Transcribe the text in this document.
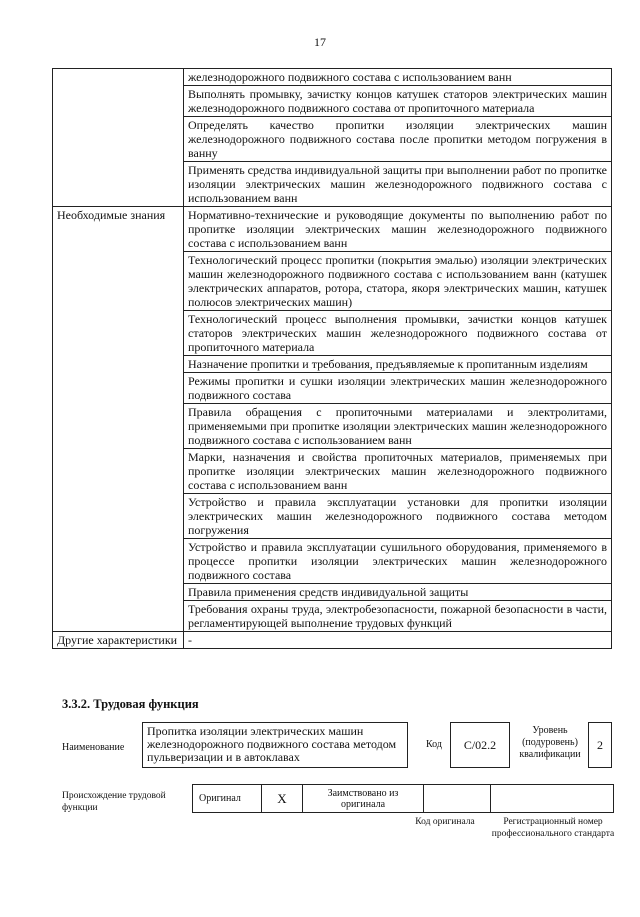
17
	железнодорожного подвижного состава с использованием ванн
	Выполнять промывку, зачистку концов катушек статоров электрических машин железнодорожного подвижного состава от пропиточного материала
	Определять качество пропитки изоляции электрических машин железнодорожного подвижного состава после пропитки методом погружения в ванну
	Применять средства индивидуальной защиты при выполнении работ по пропитке изоляции электрических машин железнодорожного подвижного состава с использованием ванн
Необходимые знания	Нормативно-технические и руководящие документы по выполнению работ по пропитке изоляции электрических машин железнодорожного подвижного состава с использованием ванн
	Технологический процесс пропитки (покрытия эмалью) изоляции электрических машин железнодорожного подвижного состава с использованием ванн (катушек электрических аппаратов, ротора, статора, якоря электрических машин, катушек полюсов электрических машин)
	Технологический процесс выполнения промывки, зачистки концов катушек статоров электрических машин железнодорожного подвижного состава от пропиточного материала
	Назначение пропитки и требования, предъявляемые к пропитанным изделиям
	Режимы пропитки и сушки изоляции электрических машин железнодорожного подвижного состава
	Правила обращения с пропиточными материалами и электролитами, применяемыми при пропитке изоляции электрических машин железнодорожного подвижного состава с использованием ванн
	Марки, назначения и свойства пропиточных материалов, применяемых при пропитке изоляции электрических машин железнодорожного подвижного состава с использованием ванн
	Устройство и правила эксплуатации установки для пропитки изоляции электрических машин железнодорожного подвижного состава методом погружения
	Устройство и правила эксплуатации сушильного оборудования, применяемого в процессе пропитки изоляции электрических машин железнодорожного подвижного состава
	Правила применения средств индивидуальной защиты
	Требования охраны труда, электробезопасности, пожарной безопасности в части, регламентирующей выполнение трудовых функций
Другие характеристики	-
3.3.2. Трудовая функция
Наименование
Пропитка изоляции электрических машин железнодорожного подвижного состава методом пульверизации и в автоклавах
Код	С/02.2
Уровень (подуровень) квалификации
2
Происхождение трудовой функции
Оригинал	X	Заимствовано из оригинала		
Код оригинала	Регистрационный номер профессионального стандарта
